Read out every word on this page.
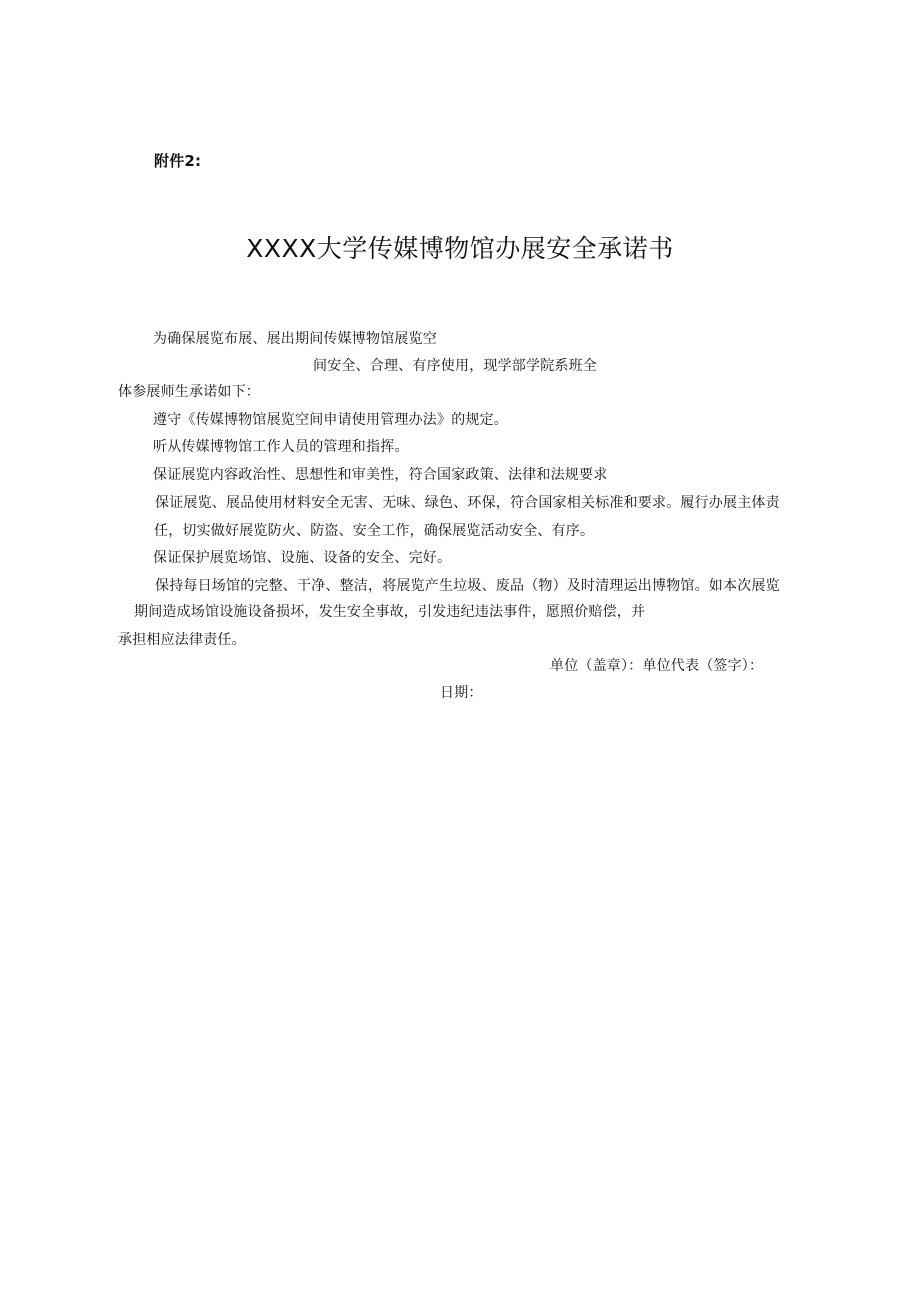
附件2:
XXXX大学传媒博物馆办展安全承诺书
为确保展览布展、展出期间传媒博物馆展览空
间安全、合理、有序使用，现学部学院系班全
体参展师生承诺如下：
遵守《传媒博物馆展览空间申请使用管理办法》的规定。
听从传媒博物馆工作人员的管理和指挥。
保证展览内容政治性、思想性和审美性，符合国家政策、法律和法规要求
保证展览、展品使用材料安全无害、无味、绿色、环保，符合国家相关标准和要求。履行办展主体责
任，切实做好展览防火、防盗、安全工作，确保展览活动安全、有序。
保证保护展览场馆、设施、设备的安全、完好。
保持每日场馆的完整、干净、整洁，将展览产生垃圾、废品（物）及时清理运出博物馆。如本次展览
期间造成场馆设施设备损坏，发生安全事故，引发违纪违法事件，愿照价赔偿，并
承担相应法律责任。
单位（盖章）：单位代表（签字）：
日期：
